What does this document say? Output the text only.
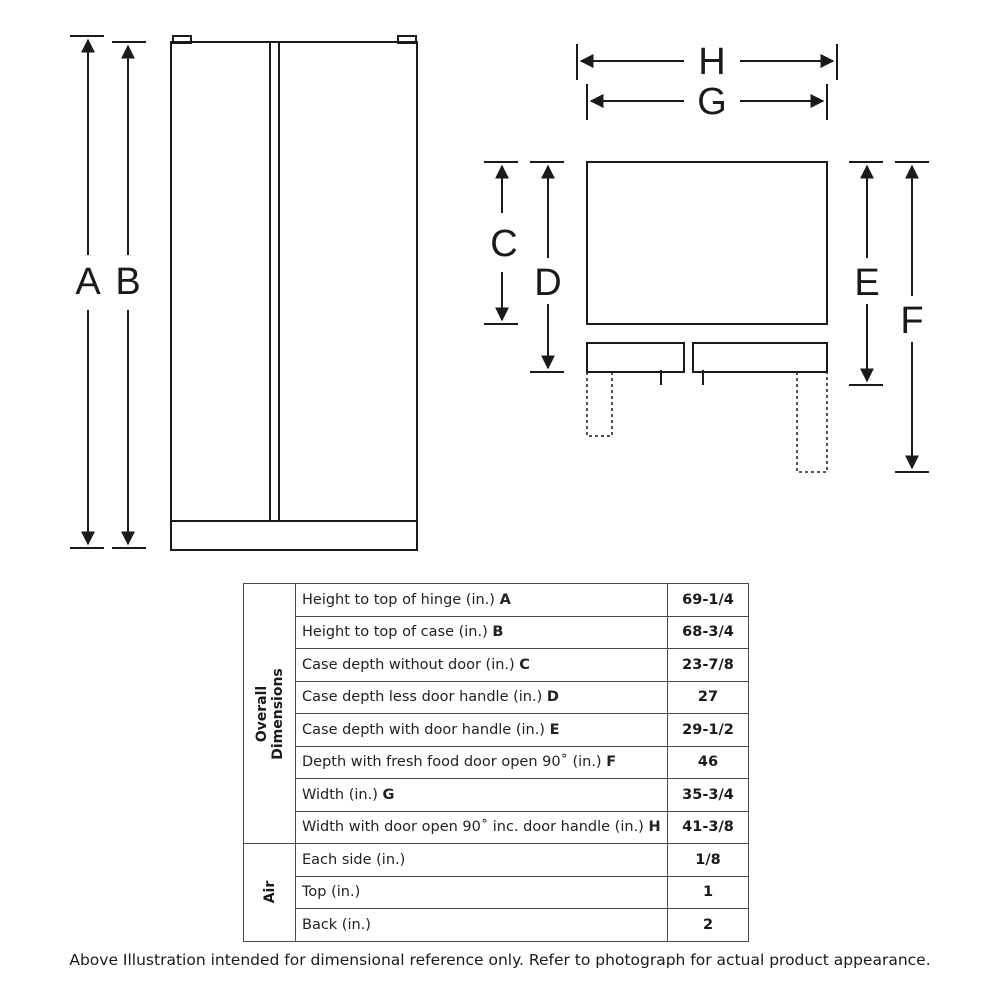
A B
H
G
C
D	E
F
Overall Dimensions	Height to top of hinge (in.) A	69-1/4
	Height to top of case (in.) B	68-3/4
	Case depth without door (in.) C	23-7/8
	Case depth less door handle (in.) D	27
	Case depth with door handle (in.) E	29-1/2
	Depth with fresh food door open 90˚ (in.) F	46
	Width (in.) G	35-3/4
	Width with door open 90˚ inc. door handle (in.) H	41-3/8

Air	Each side (in.)	1/8
	Top (in.)	1
	Back (in.)	2
Above Illustration intended for dimensional reference only. Refer to photograph for actual product appearance.
